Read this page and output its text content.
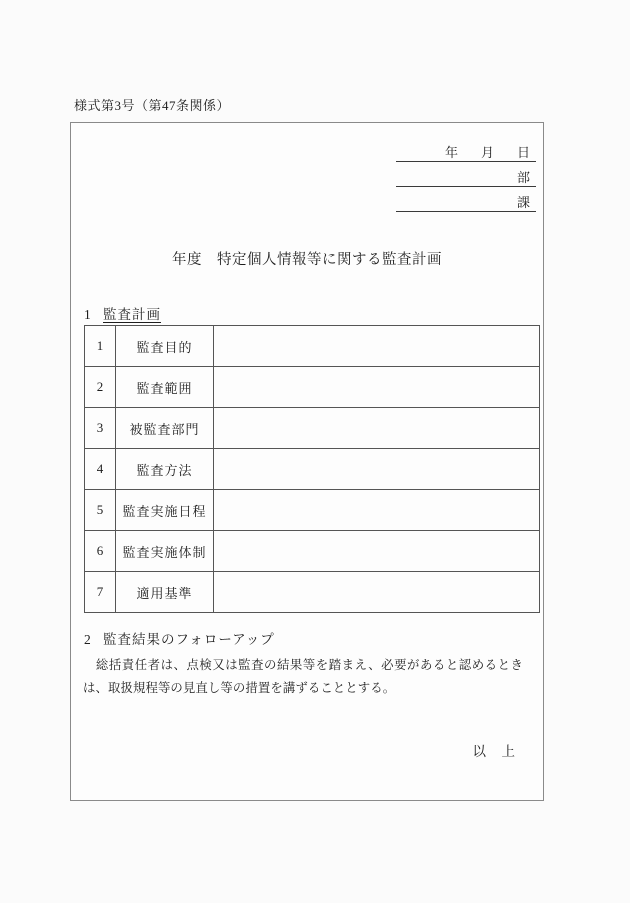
様式第3号（第47条関係）
年 月 日
部
課
年度　特定個人情報等に関する監査計画
1 監査計画
1	監査目的	
2	監査範囲	
3	被監査部門	
4	監査方法	
5	監査実施日程	
6	監査実施体制	
7	適用基準	
2 監査結果のフォローアップ

　総括責任者は、点検又は監査の結果等を踏まえ、必要があると認めるときは、取扱規程等の見直し等の措置を講ずることとする。

以　上
